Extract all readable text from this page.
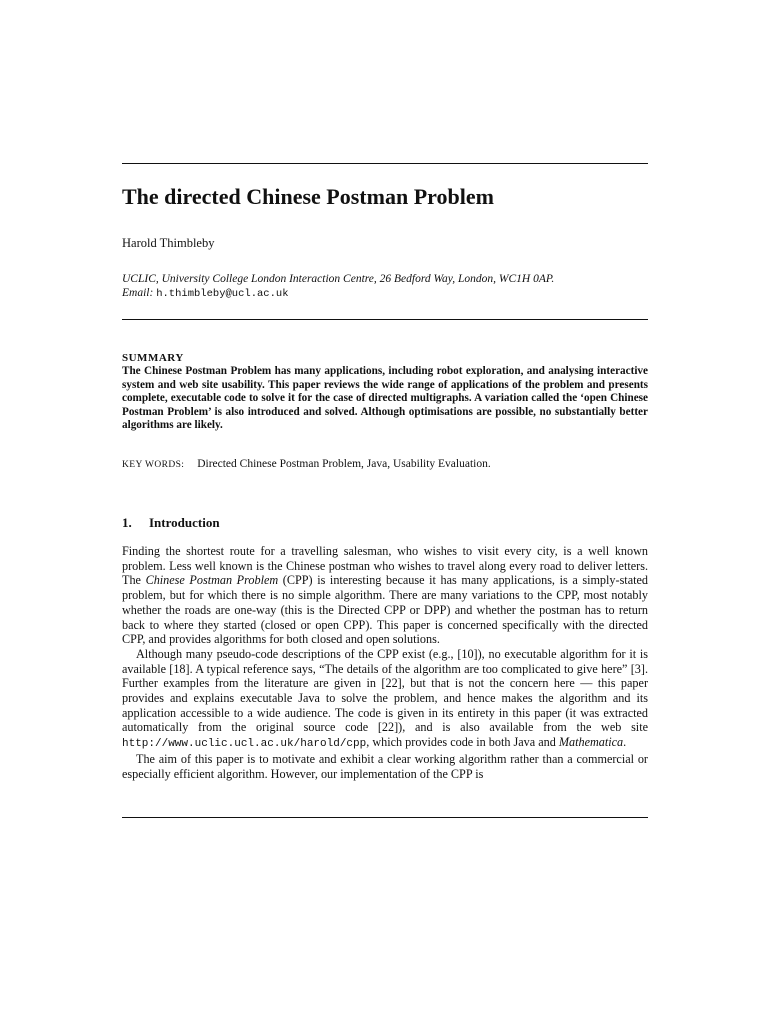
The directed Chinese Postman Problem
Harold Thimbleby
UCLIC, University College London Interaction Centre, 26 Bedford Way, London, WC1H 0AP.
Email: h.thimbleby@ucl.ac.uk
SUMMARY
The Chinese Postman Problem has many applications, including robot exploration, and analysing interactive system and web site usability. This paper reviews the wide range of applications of the problem and presents complete, executable code to solve it for the case of directed multigraphs. A variation called the ‘open Chinese Postman Problem’ is also introduced and solved. Although optimisations are possible, no substantially better algorithms are likely.
KEY WORDS: Directed Chinese Postman Problem, Java, Usability Evaluation.
1. Introduction

Finding the shortest route for a travelling salesman, who wishes to visit every city, is a well known problem. Less well known is the Chinese postman who wishes to travel along every road to deliver letters. The Chinese Postman Problem (CPP) is interesting because it has many applications, is a simply-stated problem, but for which there is no simple algorithm. There are many variations to the CPP, most notably whether the roads are one-way (this is the Directed CPP or DPP) and whether the postman has to return back to where they started (closed or open CPP). This paper is concerned specifically with the directed CPP, and provides algorithms for both closed and open solutions.

Although many pseudo-code descriptions of the CPP exist (e.g., [10]), no executable algorithm for it is available [18]. A typical reference says, “The details of the algorithm are too complicated to give here” [3]. Further examples from the literature are given in [22], but that is not the concern here — this paper provides and explains executable Java to solve the problem, and hence makes the algorithm and its application accessible to a wide audience. The code is given in its entirety in this paper (it was extracted automatically from the original source code [22]), and is also available from the web site http://www.uclic.ucl.ac.uk/harold/cpp, which provides code in both Java and Mathematica.

The aim of this paper is to motivate and exhibit a clear working algorithm rather than a commercial or especially efficient algorithm. However, our implementation of the CPP is
